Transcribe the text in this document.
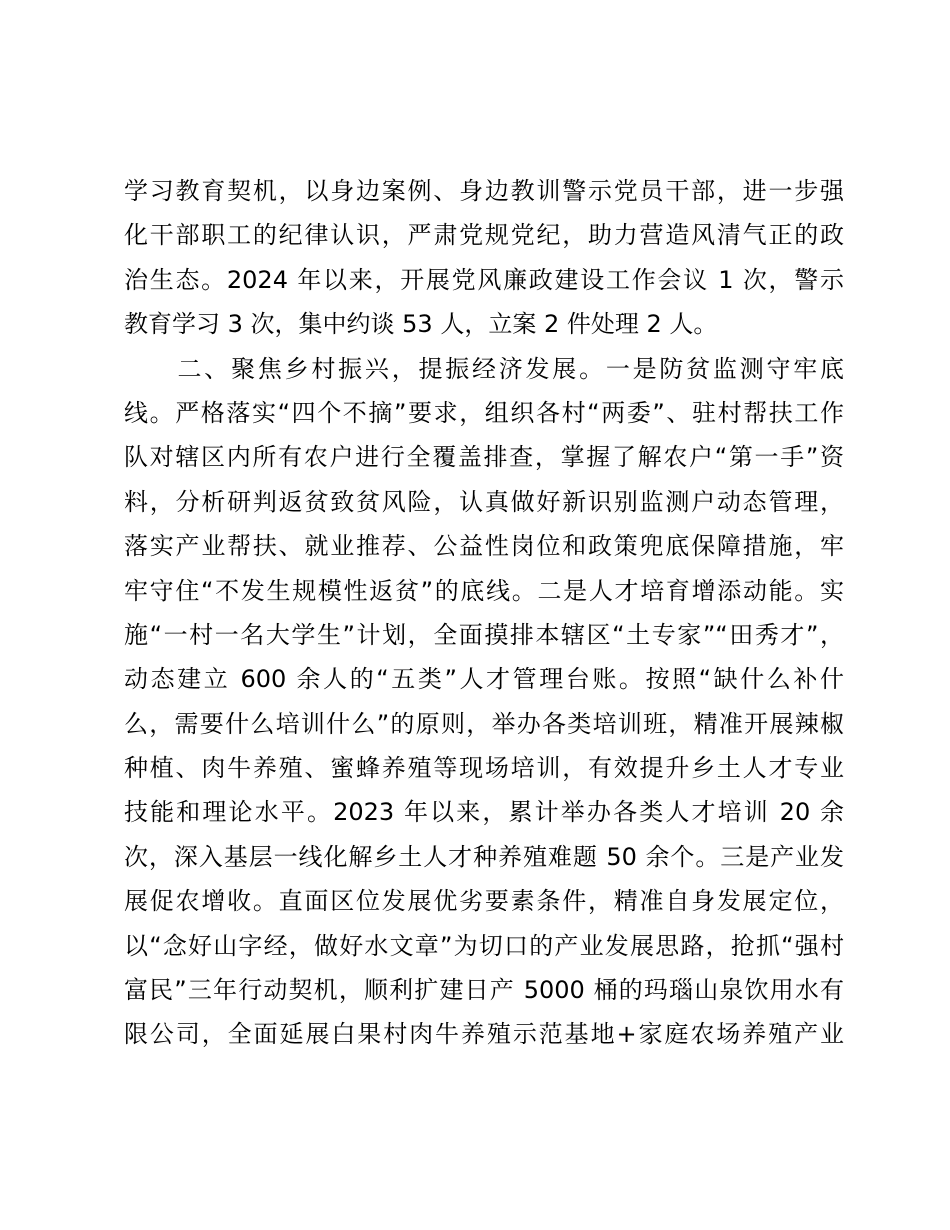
学习教育契机，以身边案例、身边教训警示党员干部，进一步强
化干部职工的纪律认识，严肃党规党纪，助力营造风清气正的政
治生态。2024 年以来，开展党风廉政建设工作会议 1 次，警示
教育学习 3 次，集中约谈 53 人，立案 2 件处理 2 人。
　　二、聚焦乡村振兴，提振经济发展。一是防贫监测守牢底
线。严格落实“四个不摘”要求，组织各村“两委”、驻村帮扶工作
队对辖区内所有农户进行全覆盖排查，掌握了解农户“第一手”资
料，分析研判返贫致贫风险，认真做好新识别监测户动态管理，
落实产业帮扶、就业推荐、公益性岗位和政策兜底保障措施，牢
牢守住“不发生规模性返贫”的底线。二是人才培育增添动能。实
施“一村一名大学生”计划，全面摸排本辖区“土专家”“田秀才”，
动态建立 600 余人的“五类”人才管理台账。按照“缺什么补什
么，需要什么培训什么”的原则，举办各类培训班，精准开展辣椒
种植、肉牛养殖、蜜蜂养殖等现场培训，有效提升乡土人才专业
技能和理论水平。2023 年以来，累计举办各类人才培训 20 余
次，深入基层一线化解乡土人才种养殖难题 50 余个。三是产业发
展促农增收。直面区位发展优劣要素条件，精准自身发展定位，
以“念好山字经，做好水文章”为切口的产业发展思路，抢抓“强村
富民”三年行动契机，顺利扩建日产 5000 桶的玛瑙山泉饮用水有
限公司，全面延展白果村肉牛养殖示范基地+家庭农场养殖产业
